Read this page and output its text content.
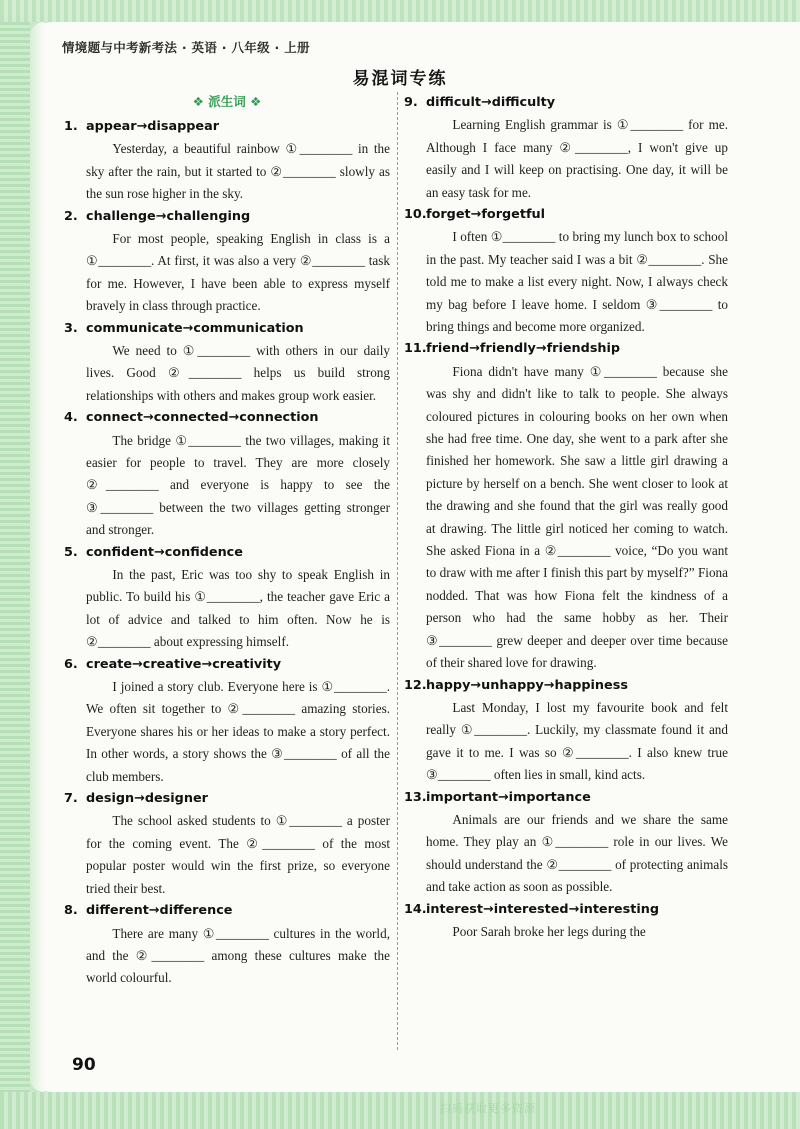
情境题与中考新考法 · 英语 · 八年级 · 上册
易混词专练
❖ 派生词 ❖
1. appear→disappear
Yesterday, a beautiful rainbow ①________ in the sky after the rain, but it started to ②________ slowly as the sun rose higher in the sky.
2. challenge→challenging
For most people, speaking English in class is a ①________. At first, it was also a very ②________ task for me. However, I have been able to express myself bravely in class through practice.
3. communicate→communication
We need to ①________ with others in our daily lives. Good ②________ helps us build strong relationships with others and makes group work easier.
4. connect→connected→connection
The bridge ①________ the two villages, making it easier for people to travel. They are more closely ②________ and everyone is happy to see the ③________ between the two villages getting stronger and stronger.
5. confident→confidence
In the past, Eric was too shy to speak English in public. To build his ①________, the teacher gave Eric a lot of advice and talked to him often. Now he is ②________ about expressing himself.
6. create→creative→creativity
I joined a story club. Everyone here is ①________. We often sit together to ②________ amazing stories. Everyone shares his or her ideas to make a story perfect. In other words, a story shows the ③________ of all the club members.
7. design→designer
The school asked students to ①________ a poster for the coming event. The ②________ of the most popular poster would win the first prize, so everyone tried their best.
8. different→difference
There are many ①________ cultures in the world, and the ②________ among these cultures make the world colourful.
9. difficult→difficulty
Learning English grammar is ①________ for me. Although I face many ②________, I won't give up easily and I will keep on practising. One day, it will be an easy task for me.
10.forget→forgetful
I often ①________ to bring my lunch box to school in the past. My teacher said I was a bit ②________. She told me to make a list every night. Now, I always check my bag before I leave home. I seldom ③________ to bring things and become more organized.
11.friend→friendly→friendship
Fiona didn't have many ①________ because she was shy and didn't like to talk to people. She always coloured pictures in colouring books on her own when she had free time. One day, she went to a park after she finished her homework. She saw a little girl drawing a picture by herself on a bench. She went closer to look at the drawing and she found that the girl was really good at drawing. The little girl noticed her coming to watch. She asked Fiona in a ②________ voice, “Do you want to draw with me after I finish this part by myself?” Fiona nodded. That was how Fiona felt the kindness of a person who had the same hobby as her. Their ③________ grew deeper and deeper over time because of their shared love for drawing.
12.happy→unhappy→happiness
Last Monday, I lost my favourite book and felt really ①________. Luckily, my classmate found it and gave it to me. I was so ②________. I also knew true ③________ often lies in small, kind acts.
13.important→importance
Animals are our friends and we share the same home. They play an ①________ role in our lives. We should understand the ②________ of protecting animals and take action as soon as possible.
14.interest→interested→interesting
Poor Sarah broke her legs during the
90
扫码获取更多资源
